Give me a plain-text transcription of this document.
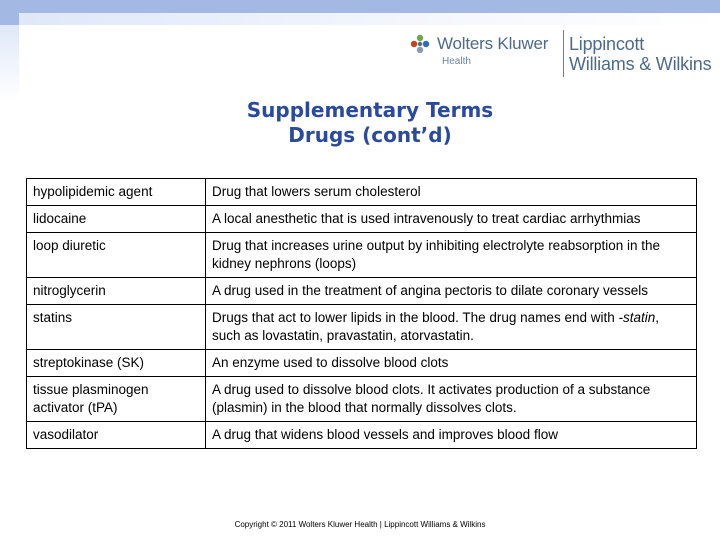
Wolters Kluwer
Health
Lippincott
Williams & Wilkins
Supplementary Terms
Drugs (cont’d)
hypolipidemic agent	Drug that lowers serum cholesterol
lidocaine	A local anesthetic that is used intravenously to treat cardiac arrhythmias
loop diuretic	Drug that increases urine output by inhibiting electrolyte reabsorption in the kidney nephrons (loops)
nitroglycerin	A drug used in the treatment of angina pectoris to dilate coronary vessels
statins	Drugs that act to lower lipids in the blood. The drug names end with -statin, such as lovastatin, pravastatin, atorvastatin.
streptokinase (SK)	An enzyme used to dissolve blood clots
tissue plasminogen activator (tPA)	A drug used to dissolve blood clots. It activates production of a substance (plasmin) in the blood that normally dissolves clots.
vasodilator	A drug that widens blood vessels and improves blood flow
Copyright © 2011 Wolters Kluwer Health | Lippincott Williams & Wilkins
